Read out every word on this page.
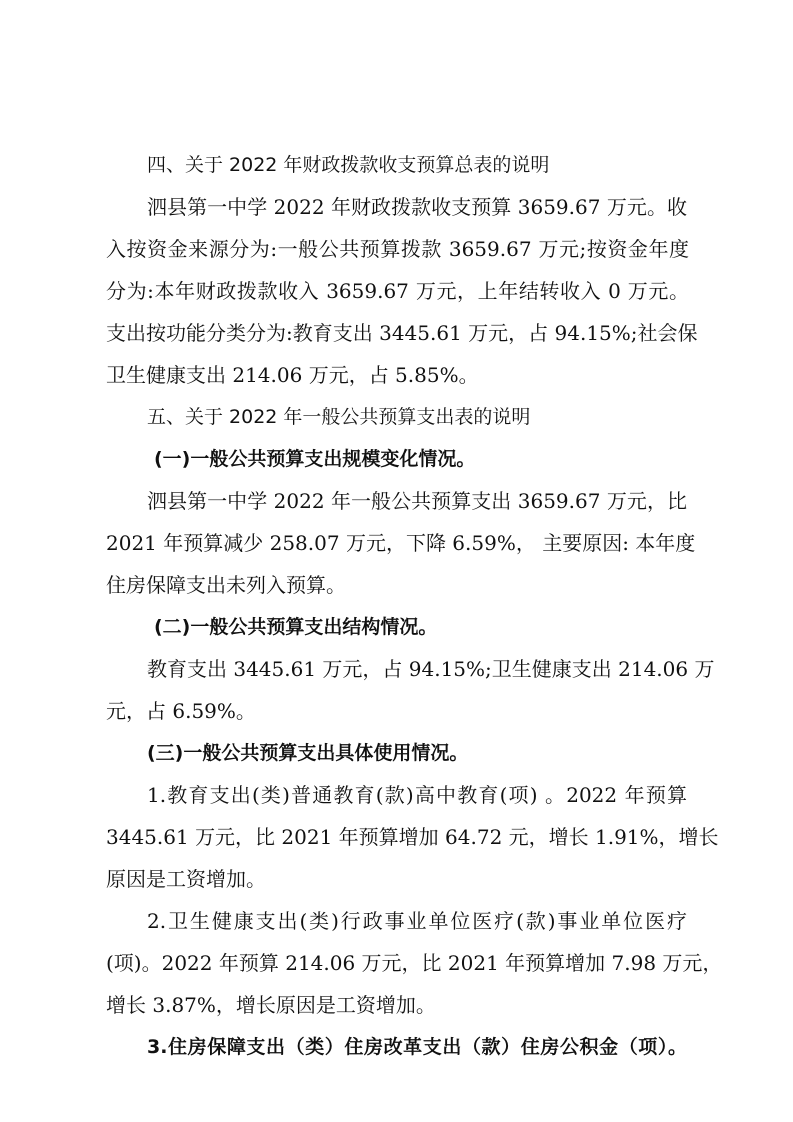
四、关于 2022 年财政拨款收支预算总表的说明
泗县第一中学 2022 年财政拨款收支预算 3659.67 万元。收
入按资金来源分为:一般公共预算拨款 3659.67 万元;按资金年度
分为:本年财政拨款收入 3659.67 万元，上年结转收入 0 万元。
支出按功能分类分为:教育支出 3445.61 万元，占 94.15%;社会保
卫生健康支出 214.06 万元，占 5.85%。
五、关于 2022 年一般公共预算支出表的说明
(一)一般公共预算支出规模变化情况。
泗县第一中学 2022 年一般公共预算支出 3659.67 万元，比
2021 年预算减少 258.07 万元，下降 6.59%， 主要原因: 本年度
住房保障支出未列入预算。
(二)一般公共预算支出结构情况。
教育支出 3445.61 万元，占 94.15%;卫生健康支出 214.06 万
元，占 6.59%。
(三)一般公共预算支出具体使用情况。
1.教育支出(类)普通教育(款)高中教育(项) 。2022 年预算
3445.61 万元，比 2021 年预算增加 64.72 元，增长 1.91%，增长
原因是工资增加。
2.卫生健康支出(类)行政事业单位医疗(款)事业单位医疗
(项)。2022 年预算 214.06 万元，比 2021 年预算增加 7.98 万元，
增长 3.87%，增长原因是工资增加。
3.住房保障支出（类）住房改革支出（款）住房公积金（项）。
